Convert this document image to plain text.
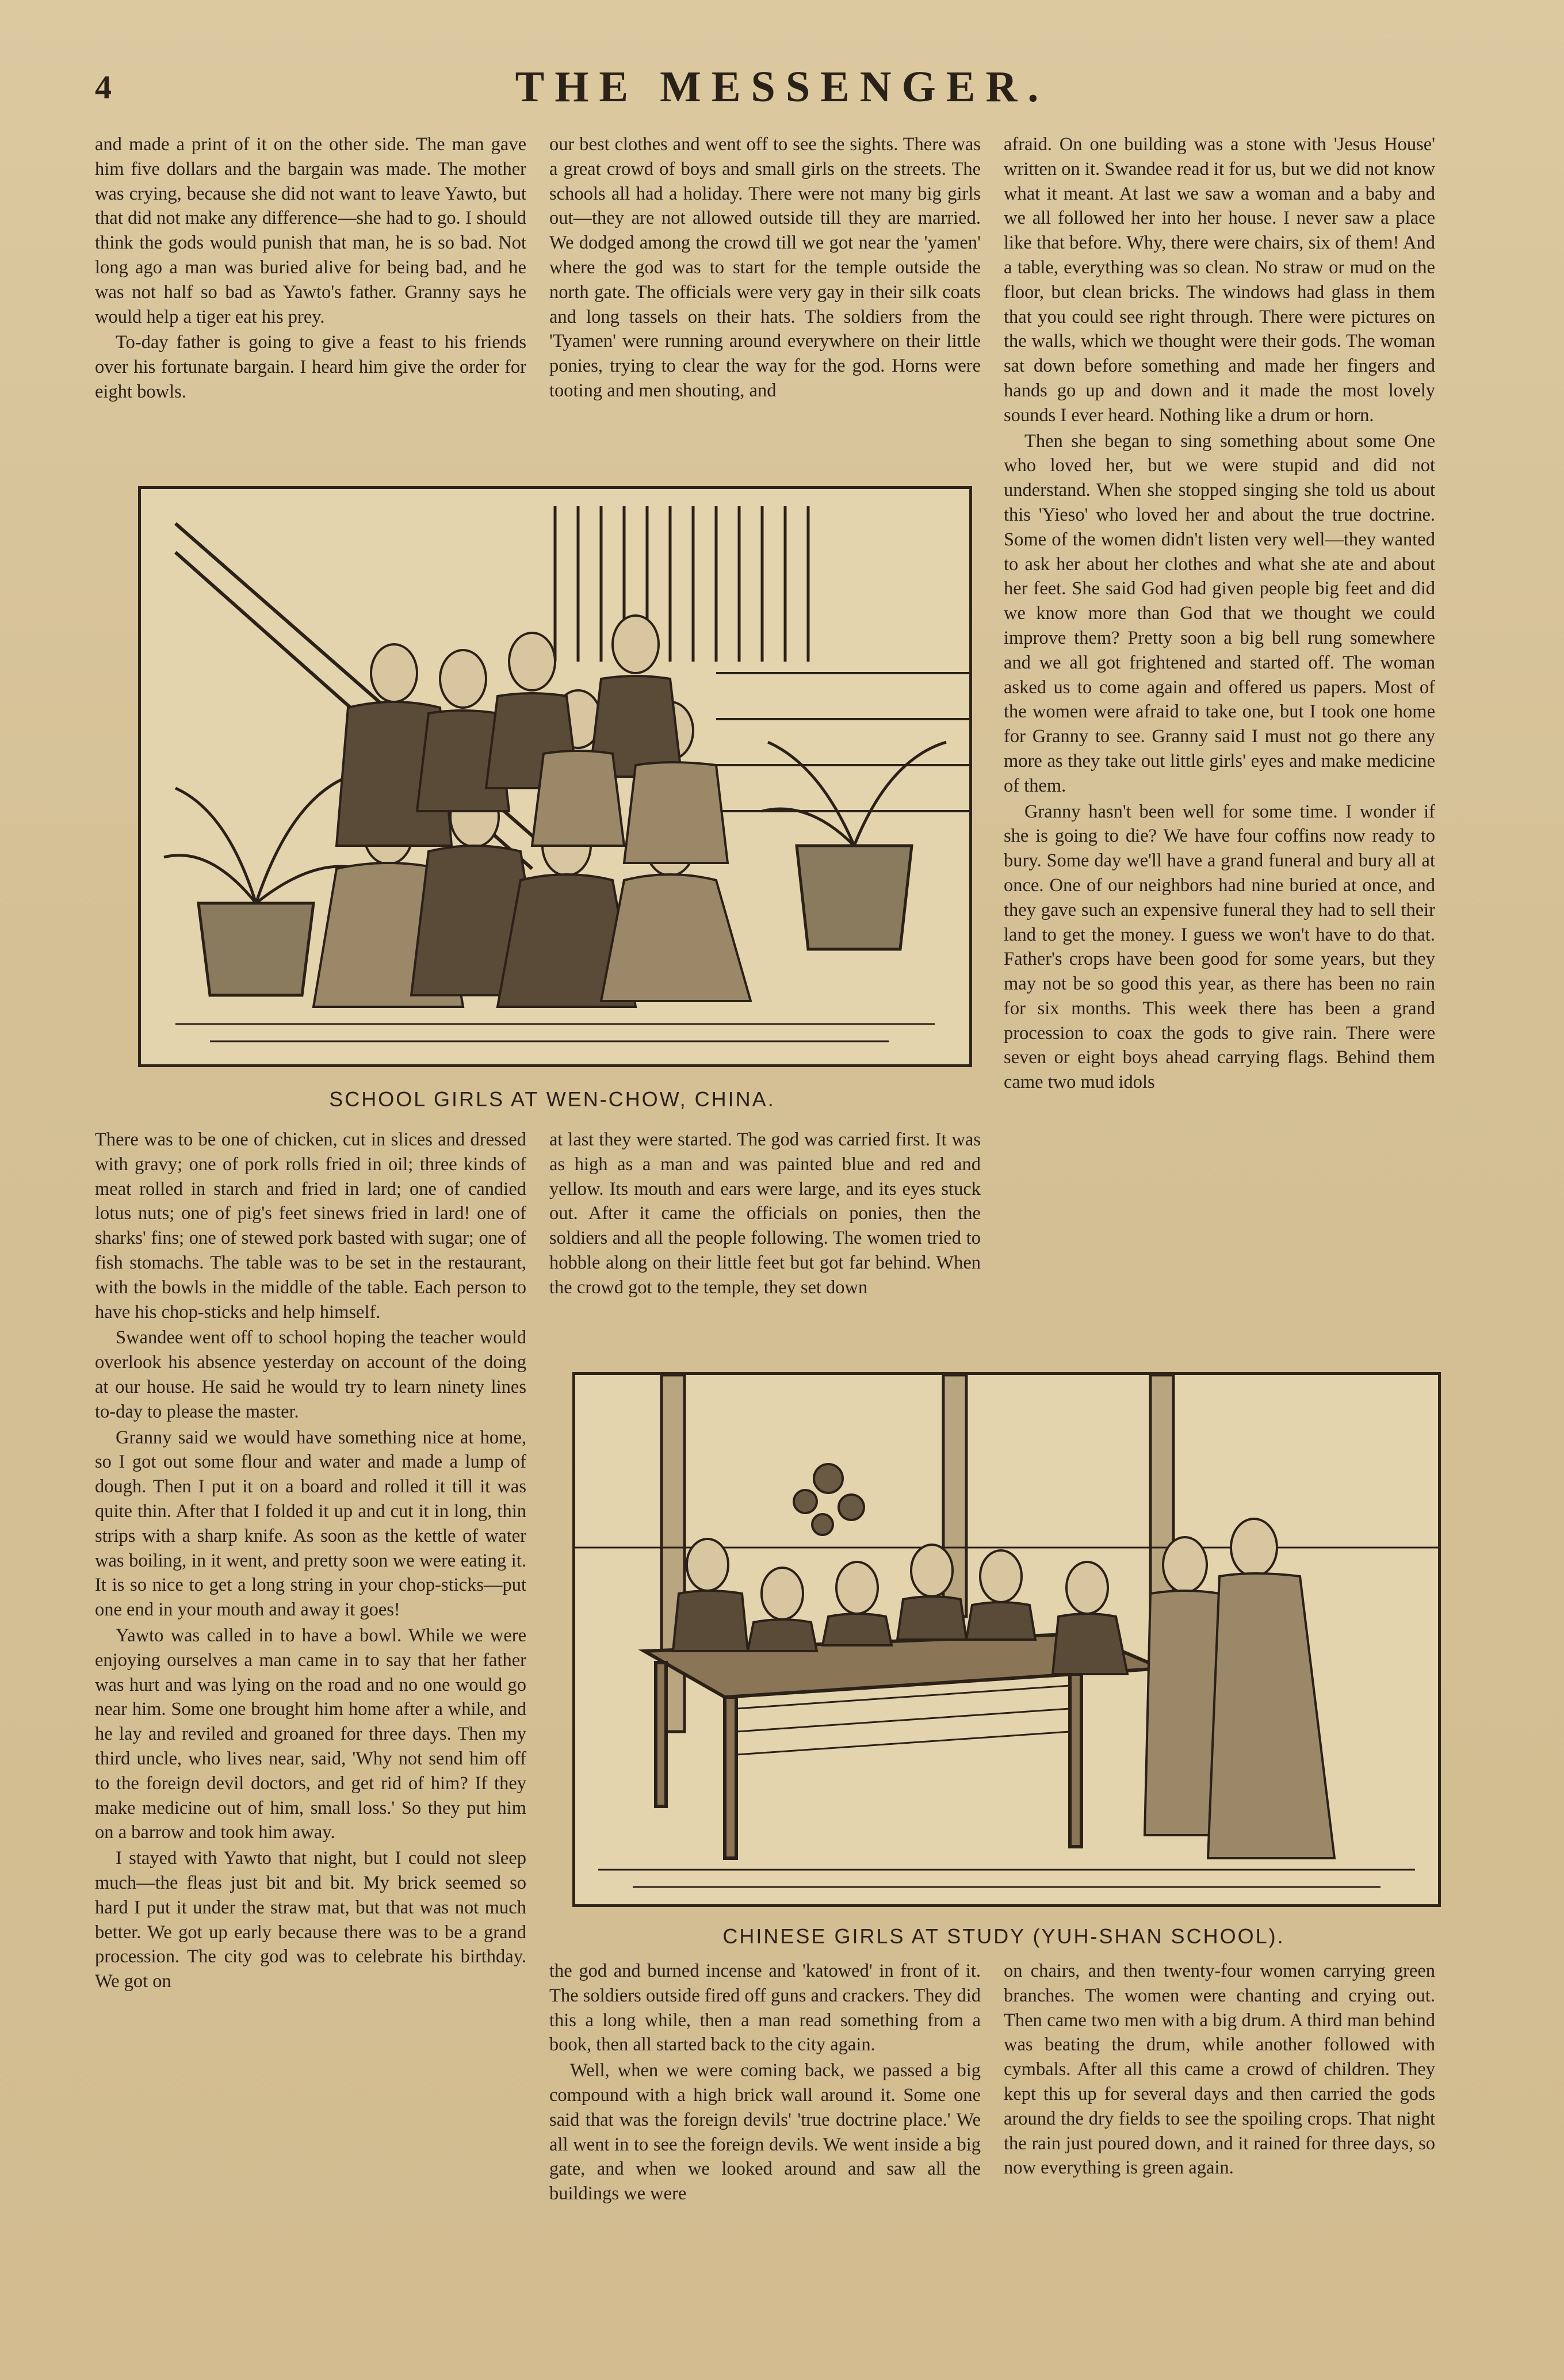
4	THE MESSENGER.

and made a print of it on the other side. The man gave him five dollars and the bargain was made. The mother was crying, because she did not want to leave Yawto, but that did not make any difference—she had to go. I should think the gods would punish that man, he is so bad. Not long ago a man was buried alive for being bad, and he was not half so bad as Yawto's father. Granny says he would help a tiger eat his prey.

To-day father is going to give a feast to his friends over his fortunate bargain. I heard him give the order for eight bowls.

our best clothes and went off to see the sights. There was a great crowd of boys and small girls on the streets. The schools all had a holiday. There were not many big girls out—they are not allowed outside till they are married. We dodged among the crowd till we got near the 'yamen' where the god was to start for the temple outside the north gate. The officials were very gay in their silk coats and long tassels on their hats. The soldiers from the 'Tyamen' were running around everywhere on their little ponies, trying to clear the way for the god. Horns were tooting and men shouting, and

afraid. On one building was a stone with 'Jesus House' written on it. Swandee read it for us, but we did not know what it meant. At last we saw a woman and a baby and we all followed her into her house. I never saw a place like that before. Why, there were chairs, six of them! And a table, everything was so clean. No straw or mud on the floor, but clean bricks. The windows had glass in them that you could see right through. There were pictures on the walls, which we thought were their gods. The woman sat down before something and made her fingers and hands go up and down and it made the most lovely sounds I ever heard. Nothing like a drum or horn.

Then she began to sing something about some One who loved her, but we were stupid and did not understand. When she stopped singing she told us about this 'Yieso' who loved her and about the true doctrine. Some of the women didn't listen very well—they wanted to ask her about her clothes and what she ate and about her feet. She said God had given people big feet and did we know more than God that we thought we could improve them? Pretty soon a big bell rung somewhere and we all got frightened and started off. The woman asked us to come again and offered us papers. Most of the women were afraid to take one, but I took one home for Granny to see. Granny said I must not go there any more as they take out little girls' eyes and make medicine of them.

Granny hasn't been well for some time. I wonder if she is going to die? We have four coffins now ready to bury. Some day we'll have a grand funeral and bury all at once. One of our neighbors had nine buried at once, and they gave such an expensive funeral they had to sell their land to get the money. I guess we won't have to do that. Father's crops have been good for some years, but they may not be so good this year, as there has been no rain for six months. This week there has been a grand procession to coax the gods to give rain. There were seven or eight boys ahead carrying flags. Behind them came two mud idols

SCHOOL GIRLS AT WEN-CHOW, CHINA.

There was to be one of chicken, cut in slices and dressed with gravy; one of pork rolls fried in oil; three kinds of meat rolled in starch and fried in lard; one of candied lotus nuts; one of pig's feet sinews fried in lard! one of sharks' fins; one of stewed pork basted with sugar; one of fish stomachs. The table was to be set in the restaurant, with the bowls in the middle of the table. Each person to have his chop-sticks and help himself.

Swandee went off to school hoping the teacher would overlook his absence yesterday on account of the doing at our house. He said he would try to learn ninety lines to-day to please the master.

Granny said we would have something nice at home, so I got out some flour and water and made a lump of dough. Then I put it on a board and rolled it till it was quite thin. After that I folded it up and cut it in long, thin strips with a sharp knife. As soon as the kettle of water was boiling, in it went, and pretty soon we were eating it. It is so nice to get a long string in your chop-sticks—put one end in your mouth and away it goes!

Yawto was called in to have a bowl. While we were enjoying ourselves a man came in to say that her father was hurt and was lying on the road and no one would go near him. Some one brought him home after a while, and he lay and reviled and groaned for three days. Then my third uncle, who lives near, said, 'Why not send him off to the foreign devil doctors, and get rid of him? If they make medicine out of him, small loss.' So they put him on a barrow and took him away.

I stayed with Yawto that night, but I could not sleep much—the fleas just bit and bit. My brick seemed so hard I put it under the straw mat, but that was not much better. We got up early because there was to be a grand procession. The city god was to celebrate his birthday. We got on

at last they were started. The god was carried first. It was as high as a man and was painted blue and red and yellow. Its mouth and ears were large, and its eyes stuck out. After it came the officials on ponies, then the soldiers and all the people following. The women tried to hobble along on their little feet but got far behind. When the crowd got to the temple, they set down

CHINESE GIRLS AT STUDY (YUH-SHAN SCHOOL).

the god and burned incense and 'katowed' in front of it. The soldiers outside fired off guns and crackers. They did this a long while, then a man read something from a book, then all started back to the city again.

Well, when we were coming back, we passed a big compound with a high brick wall around it. Some one said that was the foreign devils' 'true doctrine place.' We all went in to see the foreign devils. We went inside a big gate, and when we looked around and saw all the buildings we were

on chairs, and then twenty-four women carrying green branches. The women were chanting and crying out. Then came two men with a big drum. A third man behind was beating the drum, while another followed with cymbals. After all this came a crowd of children. They kept this up for several days and then carried the gods around the dry fields to see the spoiling crops. That night the rain just poured down, and it rained for three days, so now everything is green again.
